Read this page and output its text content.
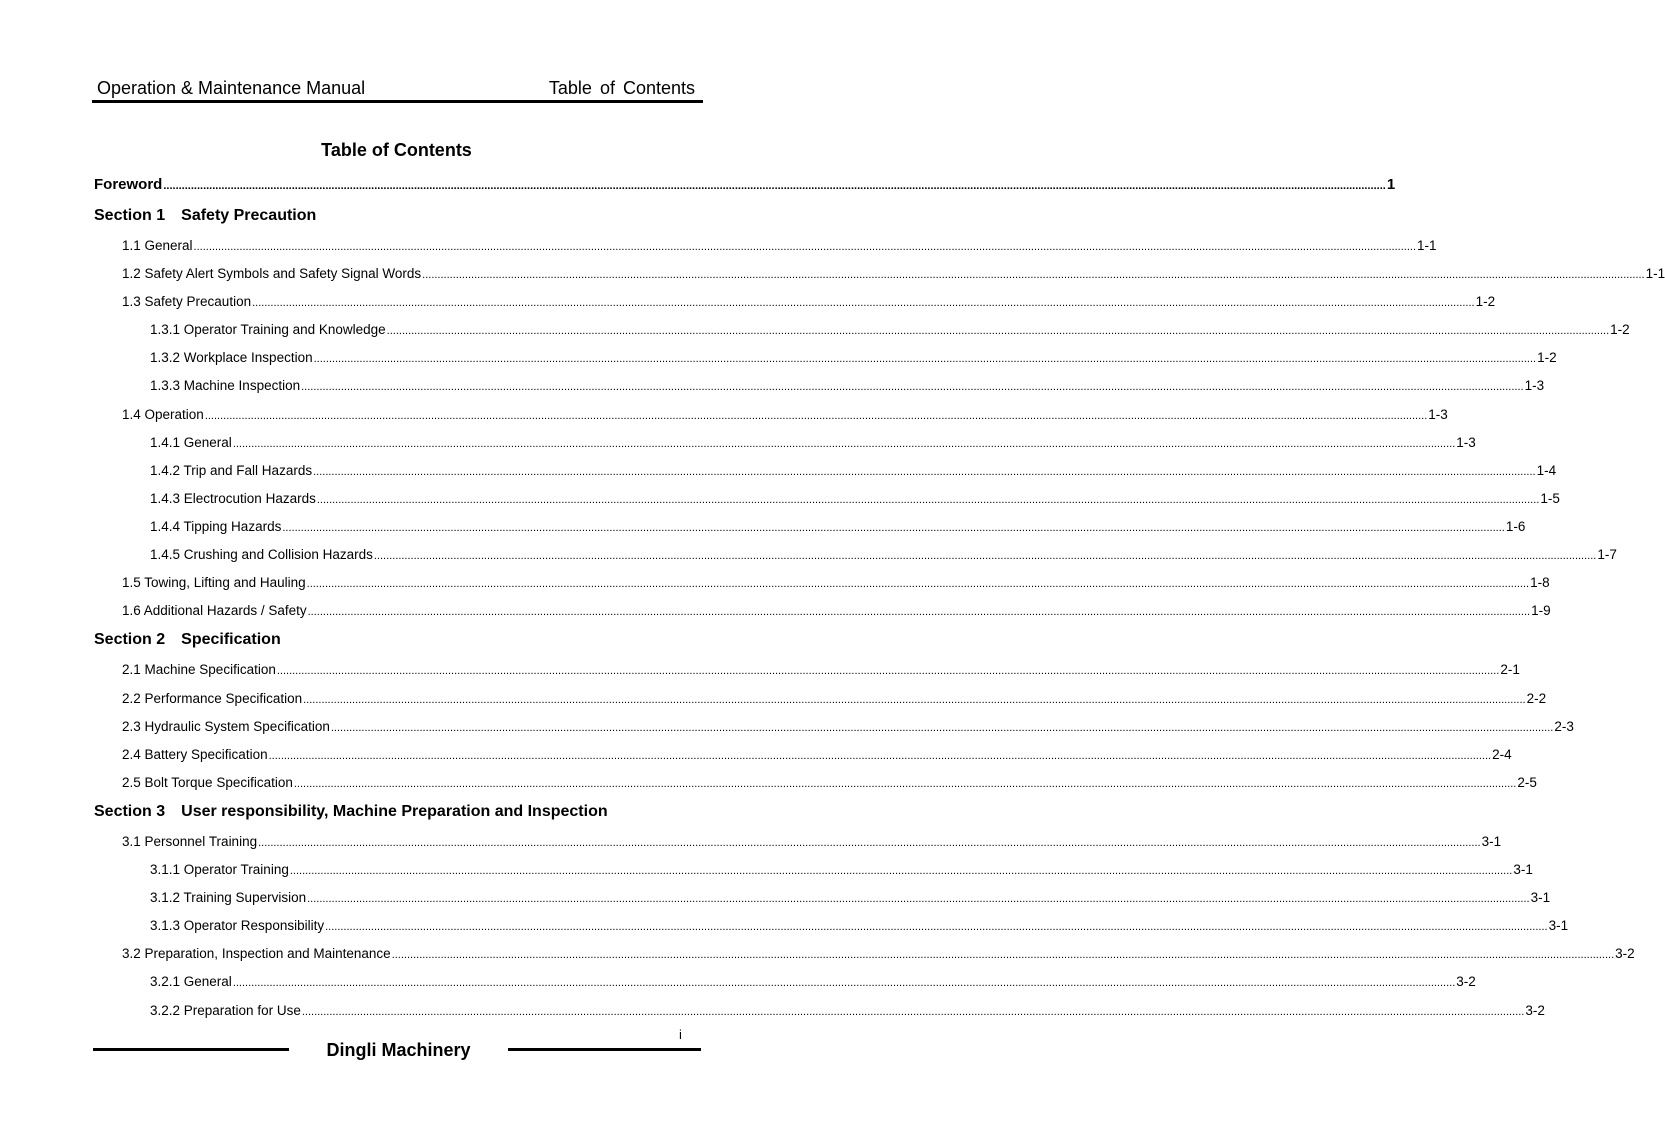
Operation & Maintenance Manual	Table of Contents
Table of Contents
Foreword ................................................................................................................................................................................................................................................................................................................................................................................................................ 1
Section 1 Safety Precaution
1.1 General ................................................................................................................................................................................................................................................................................................................................................................................................................ 1-1
1.2 Safety Alert Symbols and Safety Signal Words ................................................................................................................................................................................................................................................................................................................................................................................................................ 1-1
1.3 Safety Precaution ................................................................................................................................................................................................................................................................................................................................................................................................................ 1-2
1.3.1 Operator Training and Knowledge ................................................................................................................................................................................................................................................................................................................................................................................................................ 1-2
1.3.2 Workplace Inspection ................................................................................................................................................................................................................................................................................................................................................................................................................ 1-2
1.3.3 Machine Inspection ................................................................................................................................................................................................................................................................................................................................................................................................................ 1-3
1.4 Operation ................................................................................................................................................................................................................................................................................................................................................................................................................ 1-3
1.4.1 General ................................................................................................................................................................................................................................................................................................................................................................................................................ 1-3
1.4.2 Trip and Fall Hazards ................................................................................................................................................................................................................................................................................................................................................................................................................ 1-4
1.4.3 Electrocution Hazards ................................................................................................................................................................................................................................................................................................................................................................................................................ 1-5
1.4.4 Tipping Hazards ................................................................................................................................................................................................................................................................................................................................................................................................................ 1-6
1.4.5 Crushing and Collision Hazards ................................................................................................................................................................................................................................................................................................................................................................................................................ 1-7
1.5 Towing, Lifting and Hauling ................................................................................................................................................................................................................................................................................................................................................................................................................ 1-8
1.6 Additional Hazards / Safety ................................................................................................................................................................................................................................................................................................................................................................................................................ 1-9
Section 2 Specification
2.1 Machine Specification ................................................................................................................................................................................................................................................................................................................................................................................................................ 2-1
2.2 Performance Specification ................................................................................................................................................................................................................................................................................................................................................................................................................ 2-2
2.3 Hydraulic System Specification ................................................................................................................................................................................................................................................................................................................................................................................................................ 2-3
2.4 Battery Specification ................................................................................................................................................................................................................................................................................................................................................................................................................ 2-4
2.5 Bolt Torque Specification ................................................................................................................................................................................................................................................................................................................................................................................................................ 2-5
Section 3 User responsibility, Machine Preparation and Inspection
3.1 Personnel Training ................................................................................................................................................................................................................................................................................................................................................................................................................ 3-1
3.1.1 Operator Training ................................................................................................................................................................................................................................................................................................................................................................................................................ 3-1
3.1.2 Training Supervision ................................................................................................................................................................................................................................................................................................................................................................................................................ 3-1
3.1.3 Operator Responsibility ................................................................................................................................................................................................................................................................................................................................................................................................................ 3-1
3.2 Preparation, Inspection and Maintenance ................................................................................................................................................................................................................................................................................................................................................................................................................ 3-2
3.2.1 General ................................................................................................................................................................................................................................................................................................................................................................................................................ 3-2
3.2.2 Preparation for Use ................................................................................................................................................................................................................................................................................................................................................................................................................ 3-2
i
Dingli Machinery
